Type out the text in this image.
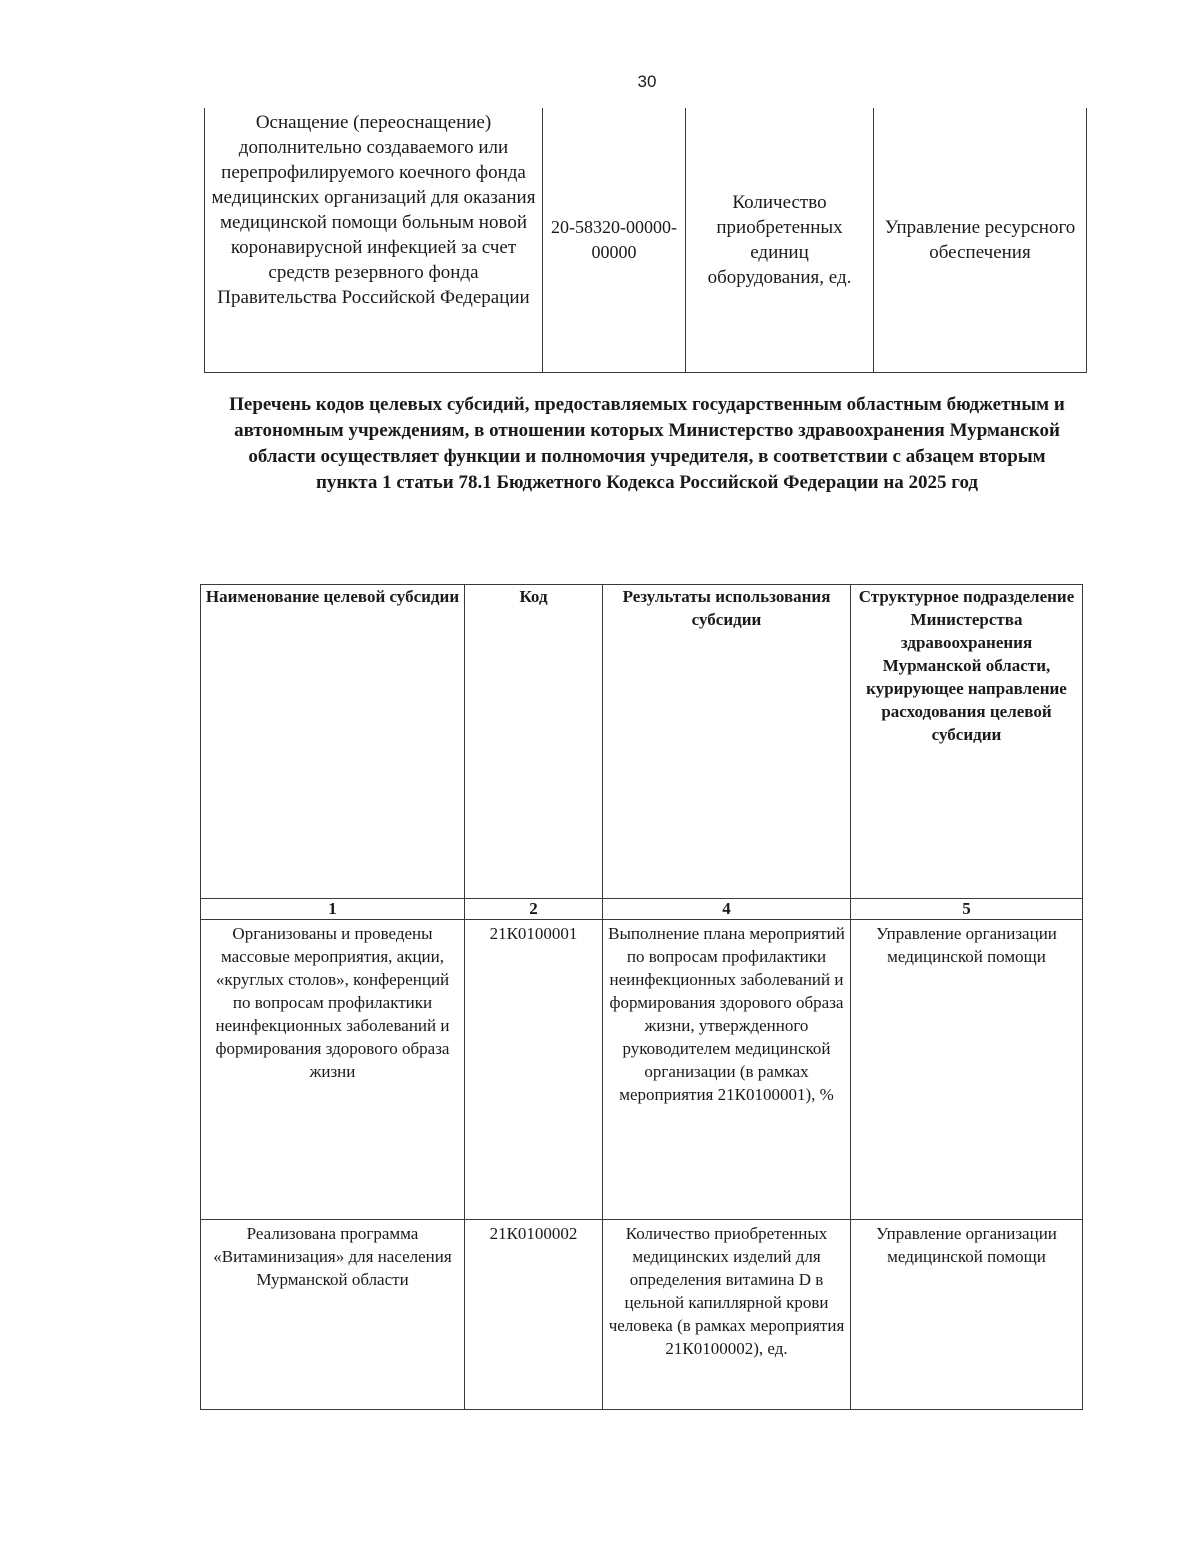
30
Оснащение (переоснащение) дополнительно создаваемого или перепрофилируемого коечного фонда медицинских организаций для оказания медицинской помощи больным новой коронавирусной инфекцией за счет средств резервного фонда Правительства Российской Федерации	20-58320-00000-00000	Количество приобретенных единиц оборудования, ед.	Управление ресурсного обеспечения
Перечень кодов целевых субсидий, предоставляемых государственным областным бюджетным и автономным учреждениям, в отношении которых Министерство здравоохранения Мурманской области осуществляет функции и полномочия учредителя, в соответствии с абзацем вторым пункта 1 статьи 78.1 Бюджетного Кодекса Российской Федерации на 2025 год
Наименование целевой субсидии	Код	Результаты использования субсидии	Структурное подразделение Министерства здравоохранения Мурманской области, курирующее направление расходования целевой субсидии
1	2	4	5
Организованы и проведены массовые мероприятия, акции, «круглых столов», конференций по вопросам профилактики неинфекционных заболеваний и формирования здорового образа жизни	21К0100001	Выполнение плана мероприятий по вопросам профилактики неинфекционных заболеваний и формирования здорового образа жизни, утвержденного руководителем медицинской организации (в рамках мероприятия 21К0100001), %	Управление организации медицинской помощи
Реализована программа «Витаминизация» для населения Мурманской области	21К0100002	Количество приобретенных медицинских изделий для определения витамина D в цельной капиллярной крови человека (в рамках мероприятия 21К0100002), ед.	Управление организации медицинской помощи
